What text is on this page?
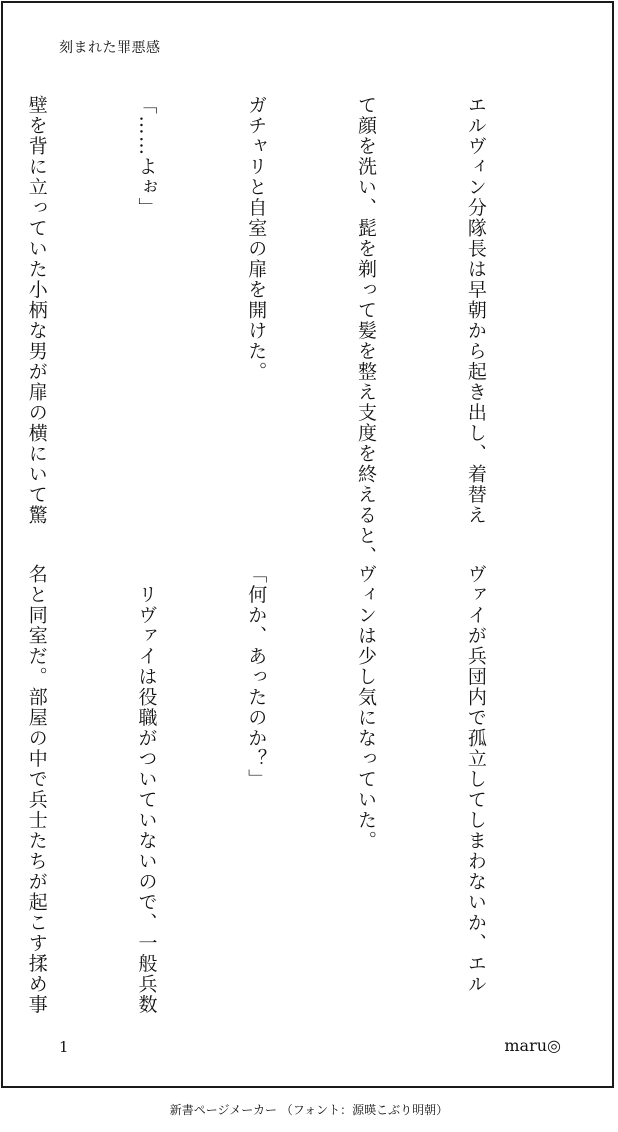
刻まれた罪悪感

エルヴィン分隊長は早朝から起き出し、着替え

て顔を洗い、髭を剃って髪を整え支度を終えると、

ガチャリと自室の扉を開けた。

「……よぉ」

壁を背に立っていた小柄な男が扉の横にいて驚

ヴァイが兵団内で孤立してしまわないか、エル

ヴィンは少し気になっていた。

「何か、あったのか？」

　リヴァイは役職がついていないので、一般兵数

名と同室だ。部屋の中で兵士たちが起こす揉め事

1	maru◎
新書ページメーカー （フォント：源暎こぶり明朝）
